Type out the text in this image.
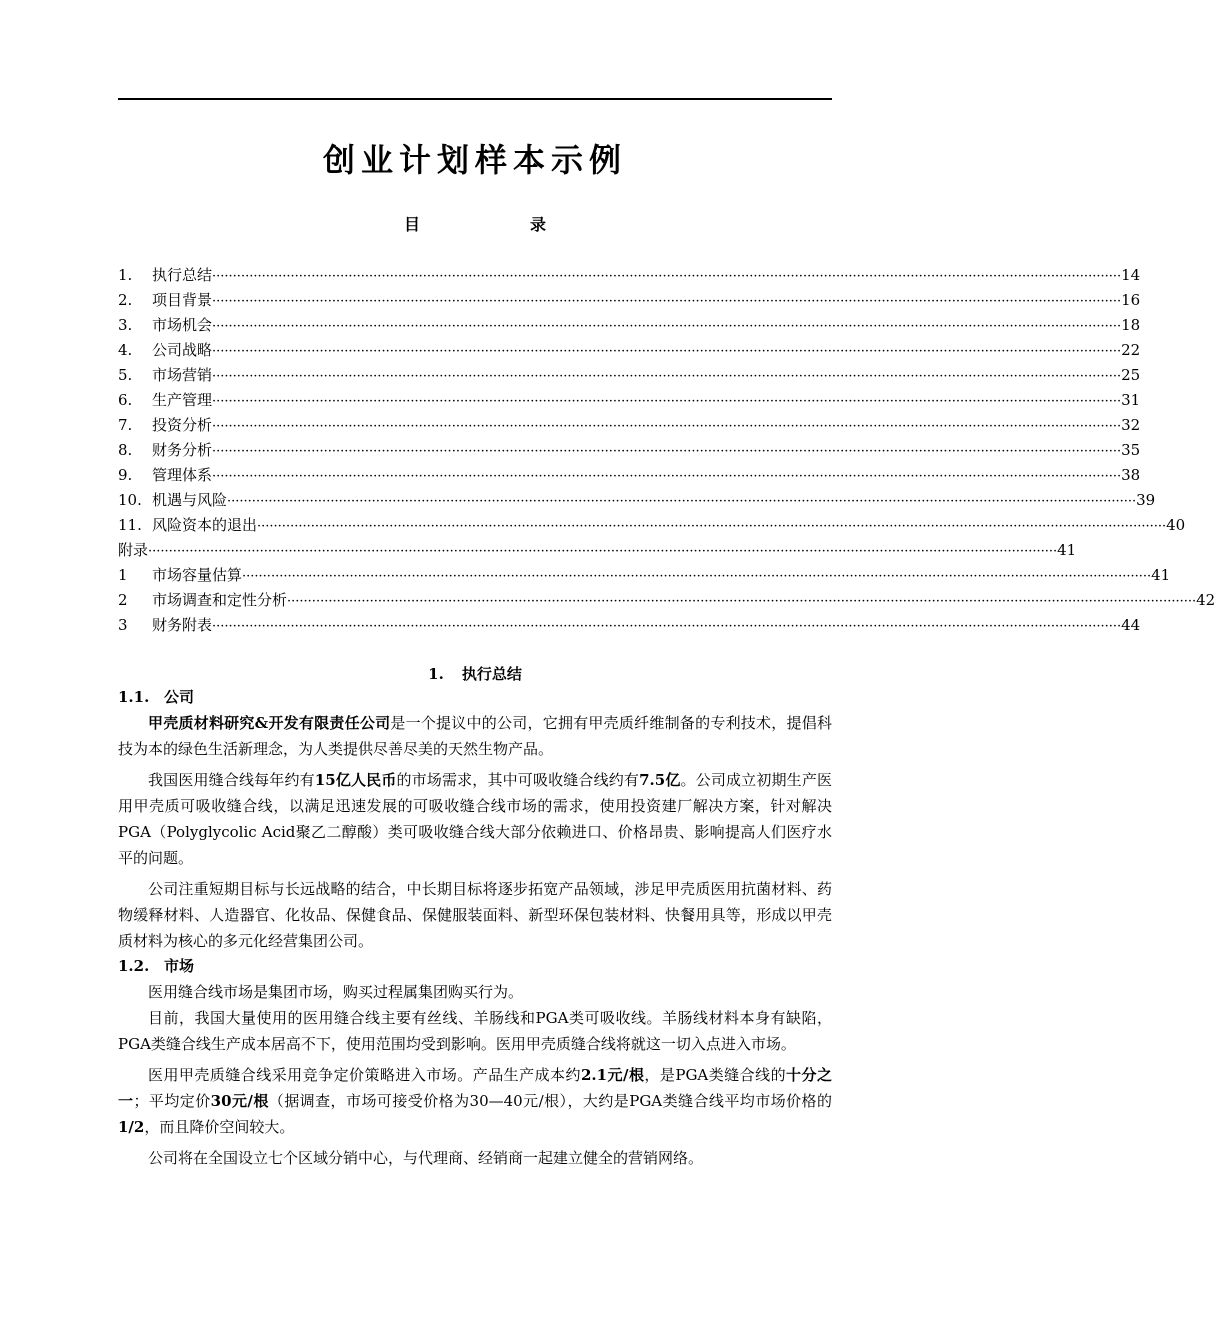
创业计划样本示例
目	录
1.	执行总结 ···························································································································································································································· 14
2.	项目背景 ···························································································································································································································· 16
3.	市场机会 ···························································································································································································································· 18
4.	公司战略 ···························································································································································································································· 22
5.	市场营销 ···························································································································································································································· 25
6.	生产管理 ···························································································································································································································· 31
7.	投资分析 ···························································································································································································································· 32
8.	财务分析 ···························································································································································································································· 35
9.	管理体系 ···························································································································································································································· 38
10. 机遇与风险 ···························································································································································································································· 39
11. 风险资本的退出 ···························································································································································································································· 40
附录 ···························································································································································································································· 41
1	市场容量估算 ···························································································································································································································· 41
2	市场调查和定性分析 ···························································································································································································································· 42
3	财务附表 ···························································································································································································································· 44
1. 执行总结
1.1. 公司

甲壳质材料研究&开发有限责任公司是一个提议中的公司，它拥有甲壳质纤维制备的专利技术，提倡科技为本的绿色生活新理念，为人类提供尽善尽美的天然生物产品。

我国医用缝合线每年约有15亿人民币的市场需求，其中可吸收缝合线约有7.5亿。公司成立初期生产医用甲壳质可吸收缝合线，以满足迅速发展的可吸收缝合线市场的需求，使用投资建厂解决方案，针对解决PGA（Polyglycolic Acid聚乙二醇酸）类可吸收缝合线大部分依赖进口、价格昂贵、影响提高人们医疗水平的问题。

公司注重短期目标与长远战略的结合，中长期目标将逐步拓宽产品领域，涉足甲壳质医用抗菌材料、药物缓释材料、人造器官、化妆品、保健食品、保健服装面料、新型环保包装材料、快餐用具等，形成以甲壳质材料为核心的多元化经营集团公司。

1.2. 市场

医用缝合线市场是集团市场，购买过程属集团购买行为。

目前，我国大量使用的医用缝合线主要有丝线、羊肠线和PGA类可吸收线。羊肠线材料本身有缺陷，PGA类缝合线生产成本居高不下，使用范围均受到影响。医用甲壳质缝合线将就这一切入点进入市场。

医用甲壳质缝合线采用竞争定价策略进入市场。产品生产成本约2.1元/根，是PGA类缝合线的十分之一；平均定价30元/根（据调查，市场可接受价格为30—40元/根），大约是PGA类缝合线平均市场价格的1/2，而且降价空间较大。

公司将在全国设立七个区域分销中心，与代理商、经销商一起建立健全的营销网络。
